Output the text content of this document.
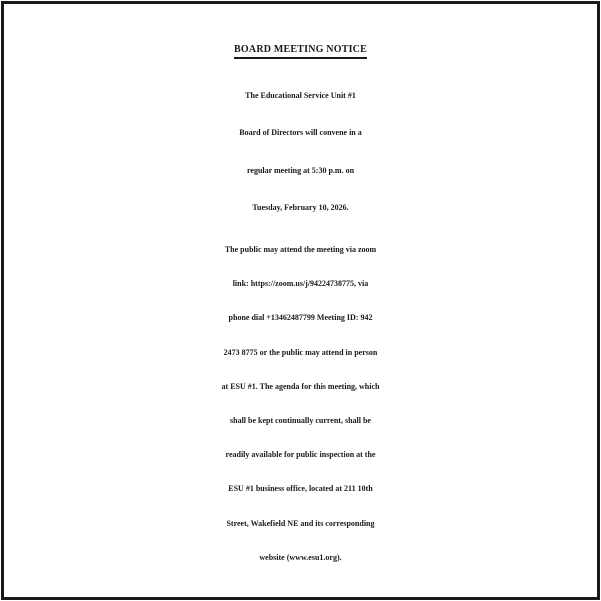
BOARD MEETING NOTICE

The Educational Service Unit #1
Board of Directors will convene in a
regular meeting at 5:30 p.m. on
Tuesday, February 10, 2026.

The public may attend the meeting via zoom
link: https://zoom.us/j/94224738775, via
phone dial +13462487799 Meeting ID: 942
2473 8775 or the public may attend in person
at ESU #1. The agenda for this meeting, which
shall be kept continually current, shall be
readily available for public inspection at the
ESU #1 business office, located at 211 10th
Street, Wakefield NE and its corresponding
website (www.esu1.org).
